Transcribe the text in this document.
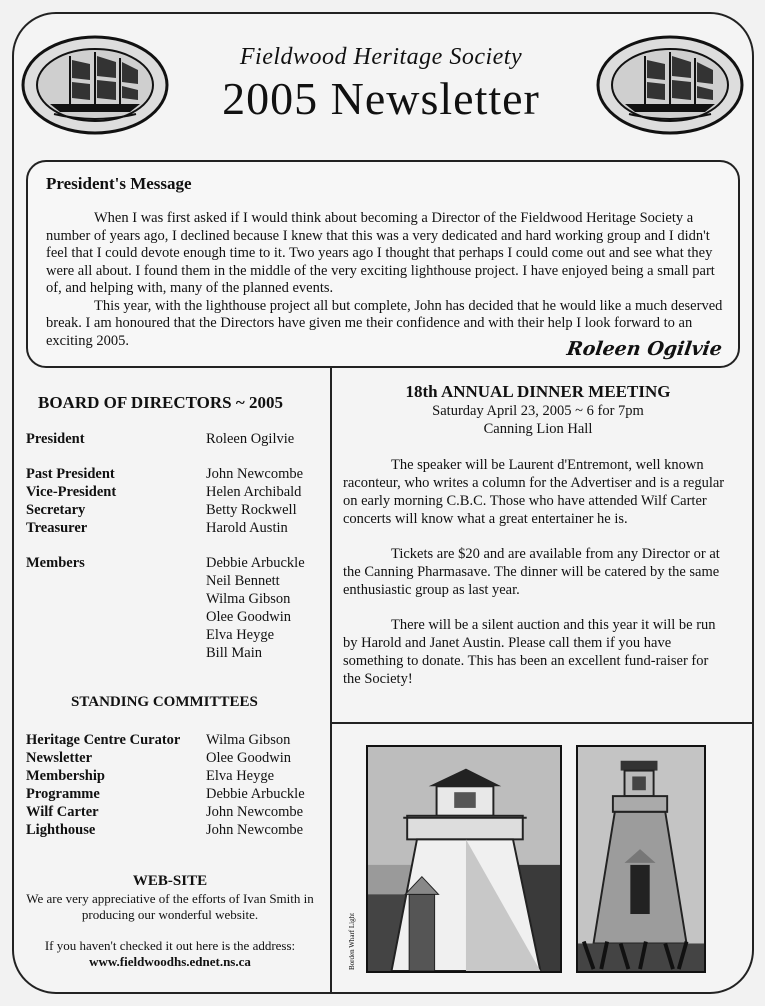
Fieldwood Heritage Society
2005 Newsletter
President's Message

When I was first asked if I would think about becoming a Director of the Fieldwood Heritage Society a number of years ago, I declined because I knew that this was a very dedicated and hard working group and I didn't feel that I could devote enough time to it. Two years ago I thought that perhaps I could come out and see what they were all about. I found them in the middle of the very exciting lighthouse project. I have enjoyed being a small part of, and helping with, many of the planned events.

This year, with the lighthouse project all but complete, John has decided that he would like a much deserved break. I am honoured that the Directors have given me their confidence and with their help I look forward to an exciting 2005.	Roleen Ogilvie
BOARD OF DIRECTORS ~ 2005
President	Roleen Ogilvie
Past President	John Newcombe
Vice-President	Helen Archibald
Secretary	Betty Rockwell
Treasurer	Harold Austin
Members	Debbie Arbuckle
Neil Bennett
Wilma Gibson
Olee Goodwin
Elva Heyge
Bill Main
STANDING COMMITTEES
Heritage Centre Curator	Wilma Gibson
Newsletter	Olee Goodwin
Membership	Elva Heyge
Programme	Debbie Arbuckle
Wilf Carter	John Newcombe
Lighthouse	John Newcombe
WEB-SITE
We are very appreciative of the efforts of Ivan Smith in producing our wonderful website.
If you haven't checked it out here is the address:
www.fieldwoodhs.ednet.ns.ca
18th ANNUAL DINNER MEETING
Saturday April 23, 2005 ~ 6 for 7pm
Canning Lion Hall

The speaker will be Laurent d'Entremont, well known raconteur, who writes a column for the Advertiser and is a regular on early morning C.B.C. Those who have attended Wilf Carter concerts will know what a great entertainer he is.

Tickets are $20 and are available from any Director or at the Canning Pharmasave. The dinner will be catered by the same enthusiastic group as last year.

There will be a silent auction and this year it will be run by Harold and Janet Austin. Please call them if you have something to donate. This has been an excellent fund-raiser for the Society!

Borden Wharf Light
